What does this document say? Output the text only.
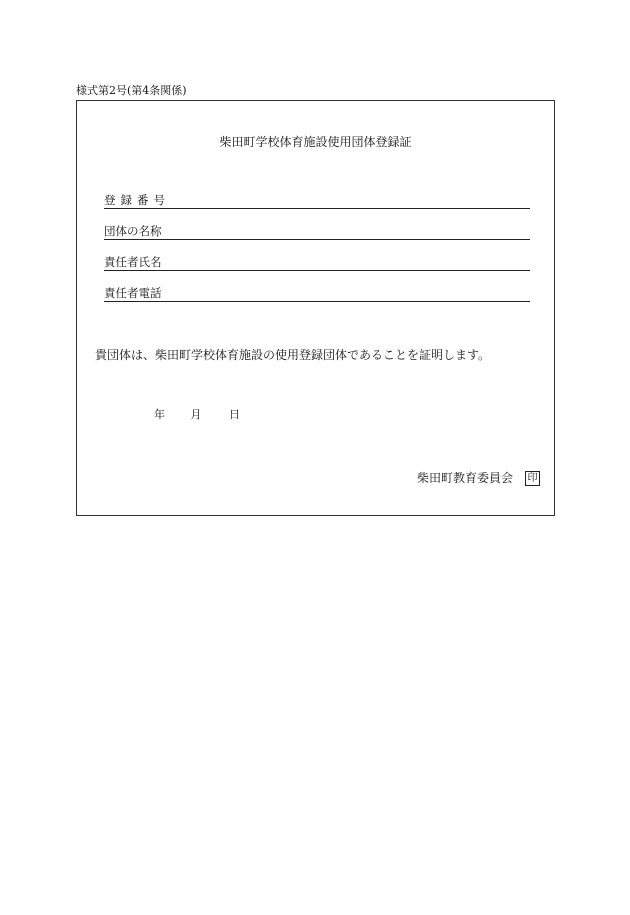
様式第2号(第4条関係)
柴田町学校体育施設使用団体登録証
登録番号
団体の名称
責任者氏名
責任者電話
貴団体は、柴田町学校体育施設の使用登録団体であることを証明します。
年 月	日
柴田町教育委員会 印
